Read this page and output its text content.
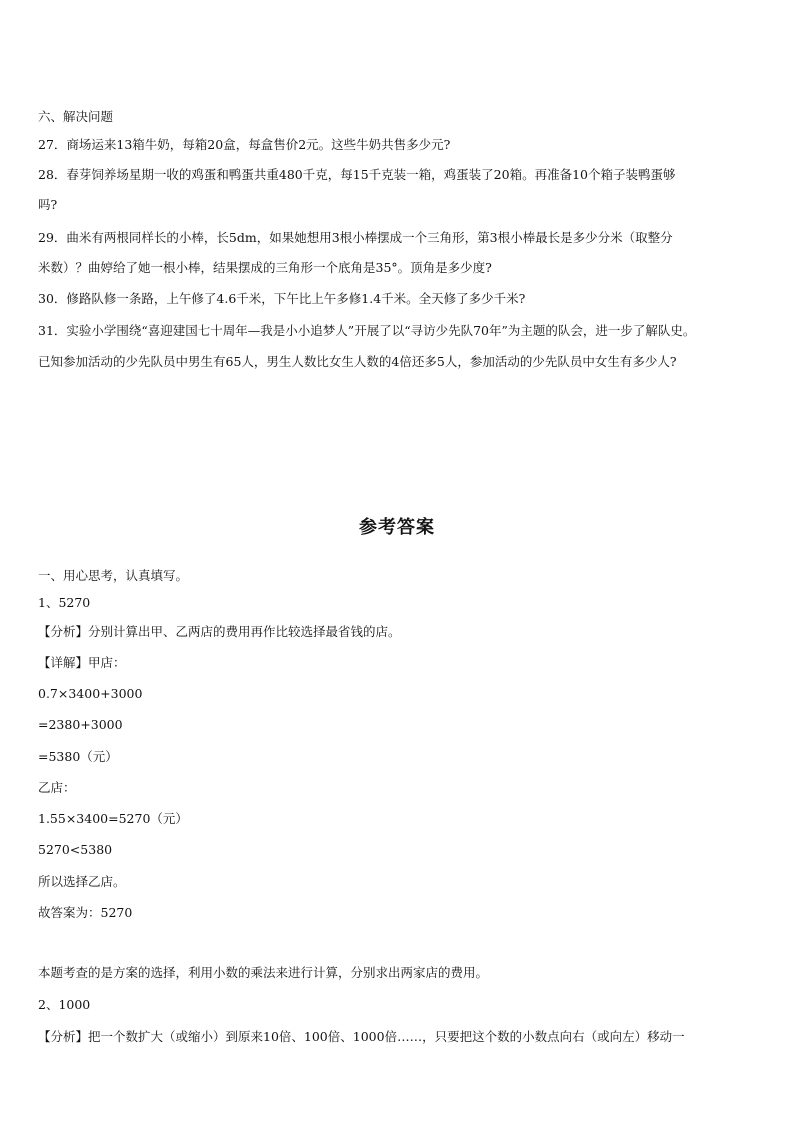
六、解决问题
27．商场运来13箱牛奶，每箱20盒，每盒售价2元。这些牛奶共售多少元?
28．春芽饲养场星期一收的鸡蛋和鸭蛋共重480千克，每15千克装一箱，鸡蛋装了20箱。再准备10个箱子装鸭蛋够
吗?
29．曲米有两根同样长的小棒，长5dm，如果她想用3根小棒摆成一个三角形，第3根小棒最长是多少分米（取整分
米数）？曲婷给了她一根小棒，结果摆成的三角形一个底角是35°。顶角是多少度?
30．修路队修一条路，上午修了4.6千米，下午比上午多修1.4千米。全天修了多少千米?
31．实验小学围绕“喜迎建国七十周年—我是小小追梦人”开展了以“寻访少先队70年”为主题的队会，进一步了解队史。
已知参加活动的少先队员中男生有65人，男生人数比女生人数的4倍还多5人，参加活动的少先队员中女生有多少人?
参考答案
一、用心思考，认真填写。
1、5270
【分析】分别计算出甲、乙两店的费用再作比较选择最省钱的店。
【详解】甲店：
0.7×3400+3000
=2380+3000
=5380（元）
乙店：
1.55×3400=5270（元）
5270<5380
所以选择乙店。
故答案为：5270
本题考查的是方案的选择，利用小数的乘法来进行计算，分别求出两家店的费用。
2、1000
【分析】把一个数扩大（或缩小）到原来10倍、100倍、1000倍……，只要把这个数的小数点向右（或向左）移动一
